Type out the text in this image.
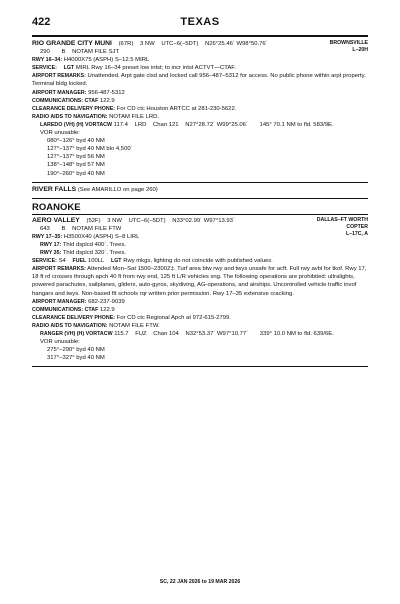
422	TEXAS
BROWNSVILLE
L–20H
RIO GRANDE CITY MUNI (67R) 3 NW UTC–6(–5DT) N26°25.46´ W98°50.76´
290 B NOTAM FILE SJT
RWY 16–34: H4000X75 (ASPH) S–12.5 MIRL
SERVICE: LGT MIRL Rwy 16–34 preset low intst; to incr intst ACTVT—CTAF.
AIRPORT REMARKS: Unattended. Arpt gate clsd and locked call 956–487–5312 for access. No public phone within arpt property. Terminal bldg locked.
AIRPORT MANAGER: 956-487-5312
COMMUNICATIONS: CTAF 122.9
CLEARANCE DELIVERY PHONE: For CD ctc Houston ARTCC at 281-230-5622.
RADIO AIDS TO NAVIGATION: NOTAM FILE LRD.
LAREDO (VH) (H) VORTACW 117.4 LRD Chan 121 N27°28.72´ W99°25.06´ 145° 70.1 NM to fld. 583/9E.
VOR unusable:
080°–126° byd 40 NM
127°–137° byd 40 NM blo 4,500´
127°–137° byd 56 NM
138°–148° byd 57 NM
190°–260° byd 40 NM
RIVER FALLS (See AMARILLO on page 260)
ROANOKE
DALLAS–FT WORTH
COPTER
L–17C, A
AERO VALLEY (52F) 3 NW UTC–6(–5DT) N33°02.99´ W97°13.93´
643 B NOTAM FILE FTW
RWY 17–35: H3500X40 (ASPH) S–8 LIRL
RWY 17: Thld dsplcd 400´. Trees.
RWY 35: Thld dsplcd 320´. Trees.
SERVICE: S4 FUEL 100LL LGT Rwy mkgs, lighting do not coincide with published values.
AIRPORT REMARKS: Attended Mon–Sat 1500–2300Z‡. Turf area btw rwy and twys unsafe for acft. Full rwy avbl for tkof. Rwy 17, 18 ft rd crosses through apch 40 ft from rwy end, 125 ft L/R vehicles xng. The following operations are prohibited: ultralights, powered parachutes, sailplanes, gliders, auto-gyros, skydiving, AG-operations, and airships. Uncontrolled vehicle traffic invof hangars and twys. Non-based flt schools rqr written prior permission. Rwy 17–35 extensive cracking.
AIRPORT MANAGER: 682-237-9039
COMMUNICATIONS: CTAF 122.9
CLEARANCE DELIVERY PHONE: For CD ctc Regional Apch at 972-615-2799.
RADIO AIDS TO NAVIGATION: NOTAM FILE FTW.
RANGER (VH) (H) VORTACW 115.7 FUZ Chan 104 N32°53.37´ W97°10.77´ 339° 10.0 NM to fld. 639/6E.
VOR unusable:
275°–290° byd 40 NM
317°–327° byd 40 NM
SC, 22 JAN 2026 to 19 MAR 2026
